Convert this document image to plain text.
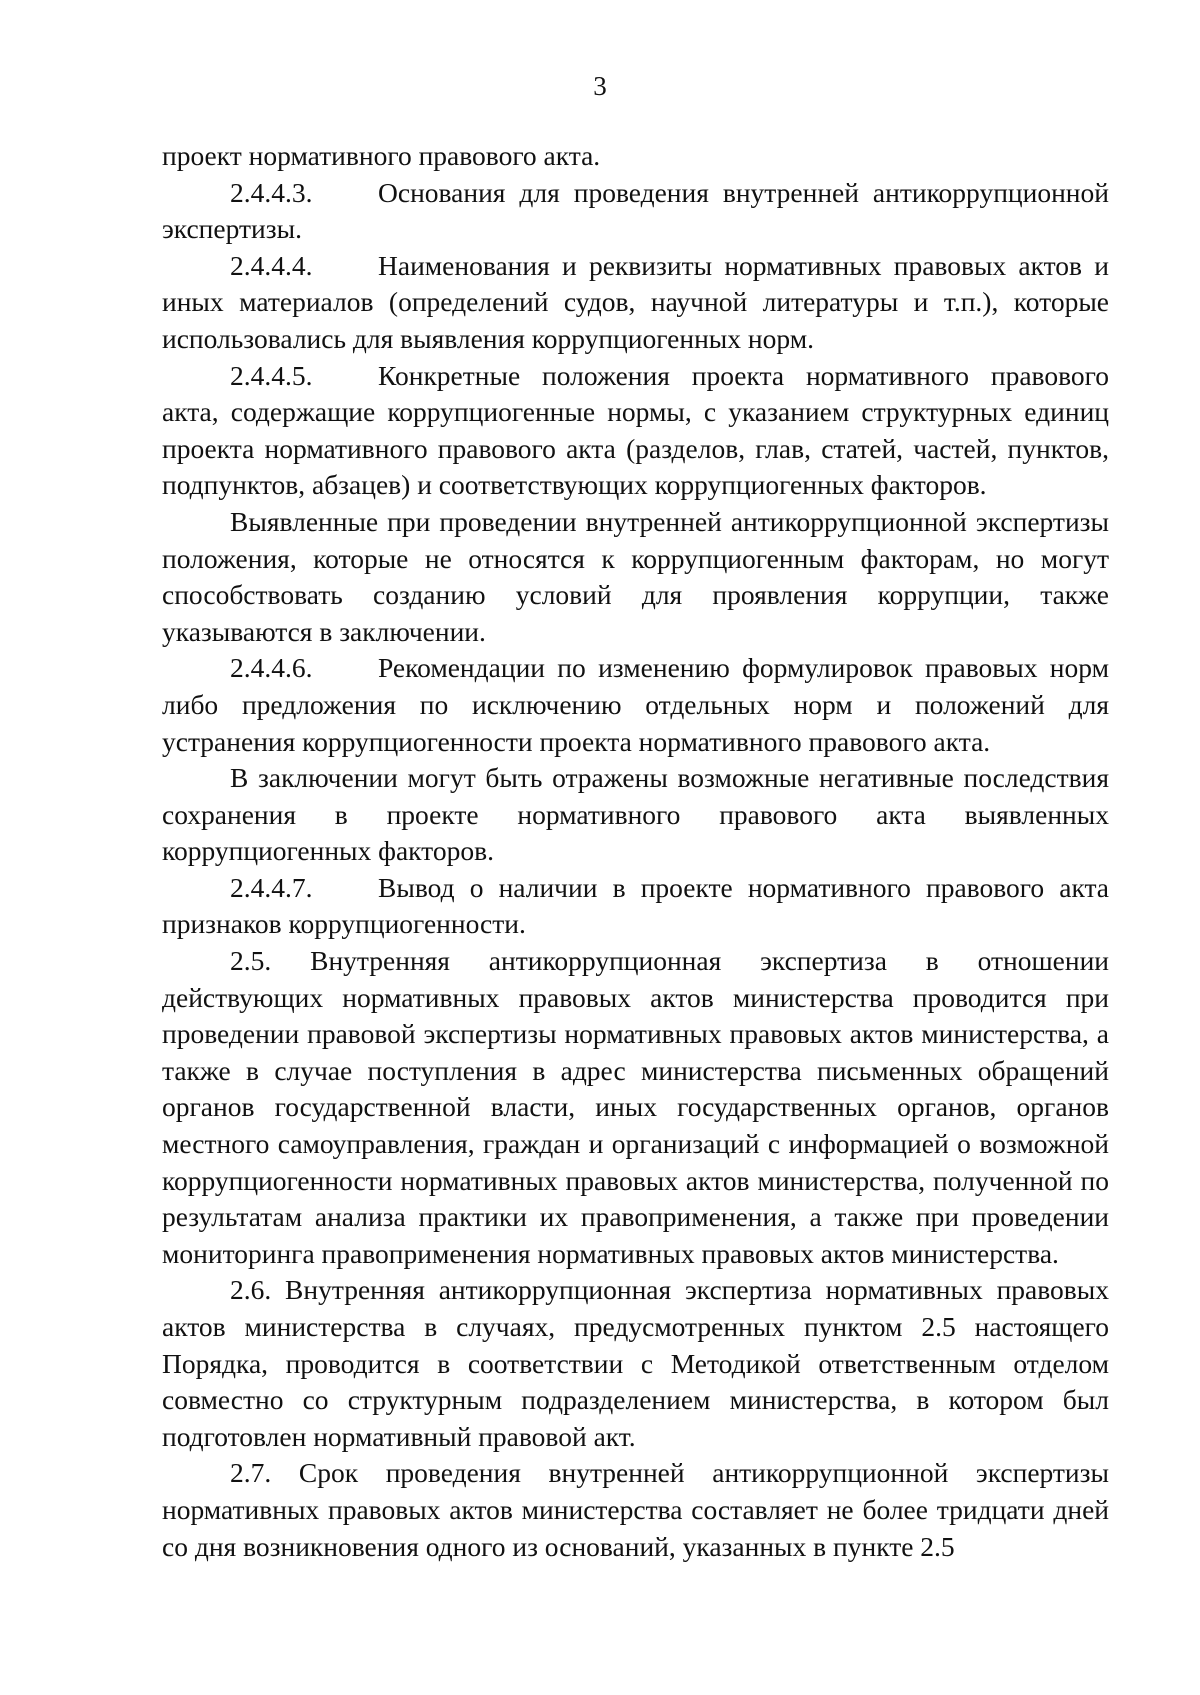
3

проект нормативного правового акта.

2.4.4.3. Основания для проведения внутренней антикоррупционной экспертизы.

2.4.4.4. Наименования и реквизиты нормативных правовых актов и иных материалов (определений судов, научной литературы и т.п.), которые использовались для выявления коррупциогенных норм.

2.4.4.5. Конкретные положения проекта нормативного правового акта, содержащие коррупциогенные нормы, с указанием структурных единиц проекта нормативного правового акта (разделов, глав, статей, частей, пунктов, подпунктов, абзацев) и соответствующих коррупциогенных факторов.

Выявленные при проведении внутренней антикоррупционной экспертизы положения, которые не относятся к коррупциогенным факторам, но могут способствовать созданию условий для проявления коррупции, также указываются в заключении.

2.4.4.6. Рекомендации по изменению формулировок правовых норм либо предложения по исключению отдельных норм и положений для устранения коррупциогенности проекта нормативного правового акта.

В заключении могут быть отражены возможные негативные последствия сохранения в проекте нормативного правового акта выявленных коррупциогенных факторов.

2.4.4.7. Вывод о наличии в проекте нормативного правового акта признаков коррупциогенности.

2.5. Внутренняя антикоррупционная экспертиза в отношении действующих нормативных правовых актов министерства проводится при проведении правовой экспертизы нормативных правовых актов министерства, а также в случае поступления в адрес министерства письменных обращений органов государственной власти, иных государственных органов, органов местного самоуправления, граждан и организаций с информацией о возможной коррупциогенности нормативных правовых актов министерства, полученной по результатам анализа практики их правоприменения, а также при проведении мониторинга правоприменения нормативных правовых актов министерства.

2.6. Внутренняя антикоррупционная экспертиза нормативных правовых актов министерства в случаях, предусмотренных пунктом 2.5 настоящего Порядка, проводится в соответствии с Методикой ответственным отделом совместно со структурным подразделением министерства, в котором был подготовлен нормативный правовой акт.

2.7. Срок проведения внутренней антикоррупционной экспертизы нормативных правовых актов министерства составляет не более тридцати дней со дня возникновения одного из оснований, указанных в пункте 2.5
